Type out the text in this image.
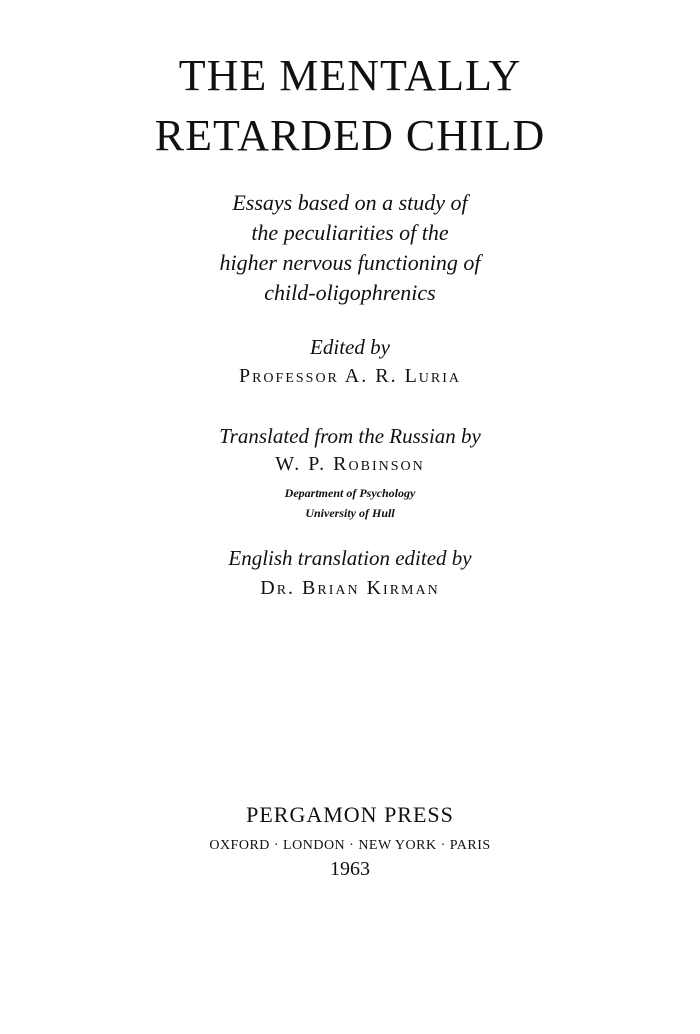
THE MENTALLY
RETARDED CHILD
Essays based on a study of
the peculiarities of the
higher nervous functioning of
child-oligophrenics
Edited by
Professor A. R. Luria
Translated from the Russian by
W. P. Robinson
Department of Psychology
University of Hull
English translation edited by
Dr. Brian Kirman
PERGAMON PRESS
OXFORD · LONDON · NEW YORK · PARIS
1963
